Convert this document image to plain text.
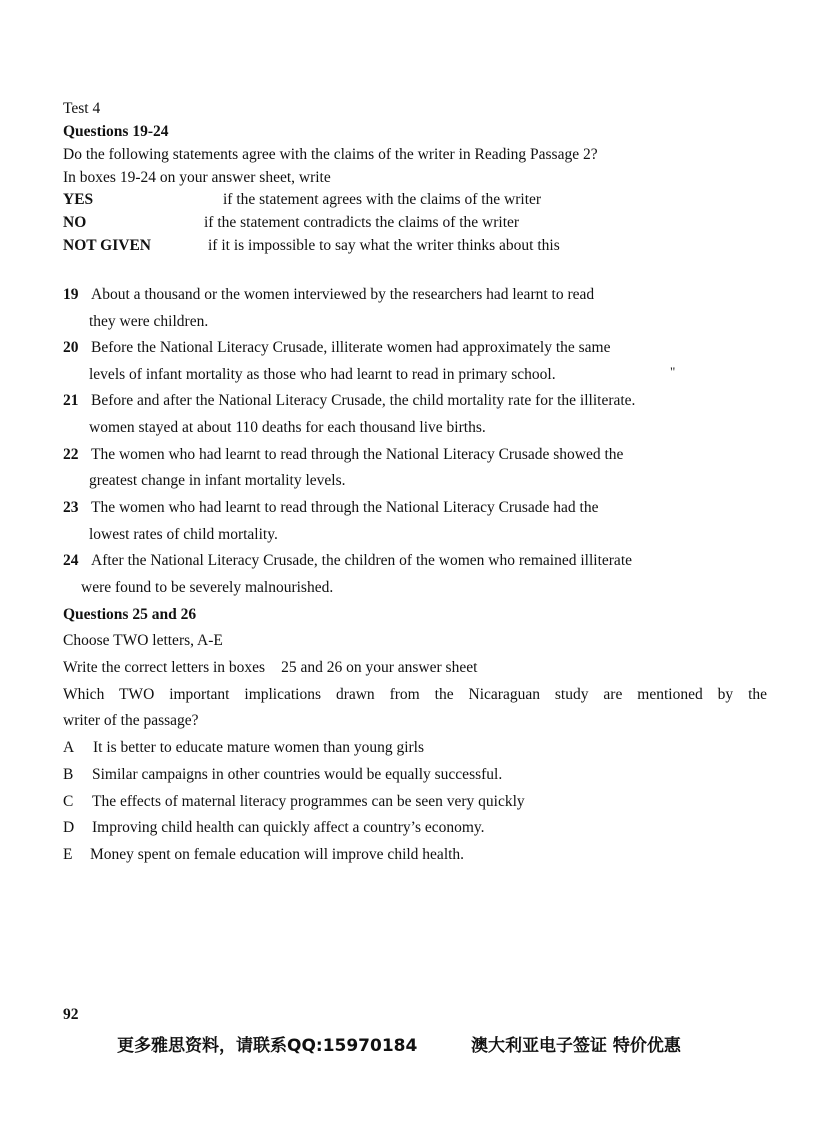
Test 4
Questions 19-24
Do the following statements agree with the claims of the writer in Reading Passage 2?
In boxes 19-24 on your answer sheet, write
YES	if the statement agrees with the claims of the writer
NO	if the statement contradicts the claims of the writer
NOT GIVEN	if it is impossible to say what the writer thinks about this
19 About a thousand or the women interviewed by the researchers had learnt to read
they were children.
20 Before the National Literacy Crusade, illiterate women had approximately the same
levels of infant mortality as those who had learnt to read in primary school.	"
21 Before and after the National Literacy Crusade, the child mortality rate for the illiterate.
women stayed at about 110 deaths for each thousand live births.
22 The women who had learnt to read through the National Literacy Crusade showed the
greatest change in infant mortality levels.
23 The women who had learnt to read through the National Literacy Crusade had the
lowest rates of child mortality.
24 After the National Literacy Crusade, the children of the women who remained illiterate
were found to be severely malnourished.
Questions 25 and 26
Choose TWO letters, A-E
Write the correct letters in boxes 25 and 26 on your answer sheet
Which TWO important implications drawn from the Nicaraguan study are mentioned by the
writer of the passage?
A It is better to educate mature women than young girls
B Similar campaigns in other countries would be equally successful.
C The effects of maternal literacy programmes can be seen very quickly
D Improving child health can quickly affect a country’s economy.
E Money spent on female education will improve child health.
92
更多雅思资料，请联系QQ:15970184	澳大利亚电子签证 特价优惠
